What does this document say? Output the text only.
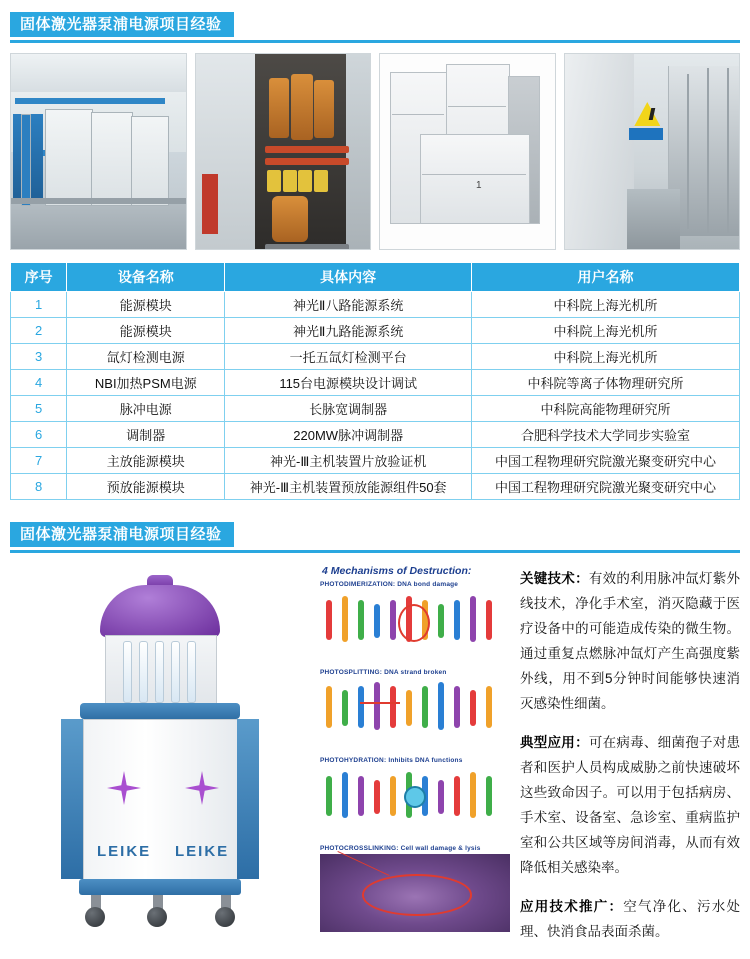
固体激光器泵浦电源项目经验
1
序号	设备名称	具体内容	用户名称
1	能源模块	神光Ⅱ八路能源系统	中科院上海光机所
2	能源模块	神光Ⅱ九路能源系统	中科院上海光机所
3	氙灯检测电源	一托五氙灯检测平台	中科院上海光机所
4	NBI加热PSM电源	115台电源模块设计调试	中科院等离子体物理研究所
5	脉冲电源	长脉宽调制器	中科院高能物理研究所
6	调制器	220MW脉冲调制器	合肥科学技术大学同步实验室
7	主放能源模块	神光-Ⅲ主机装置片放验证机	中国工程物理研究院激光聚变研究中心
8	预放能源模块	神光-Ⅲ主机装置预放能源组件50套	中国工程物理研究院激光聚变研究中心
固体激光器泵浦电源项目经验
LEIKE LEIKE
4 Mechanisms of Destruction:
PHOTODIMERIZATION: DNA bond damage
PHOTOSPLITTING: DNA strand broken
PHOTOHYDRATION: Inhibits DNA functions
PHOTOCROSSLINKING: Cell wall damage & lysis

关键技术：有效的利用脉冲氙灯紫外线技术，净化手术室，消灭隐藏于医疗设备中的可能造成传染的微生物。通过重复点燃脉冲氙灯产生高强度紫外线，用不到5分钟时间能够快速消灭感染性细菌。

典型应用：可在病毒、细菌孢子对患者和医护人员构成威胁之前快速破坏这些致命因子。可以用于包括病房、手术室、设备室、急诊室、重病监护室和公共区域等房间消毒，从而有效降低相关感染率。

应用技术推广：空气净化、污水处理、快消食品表面杀菌。
